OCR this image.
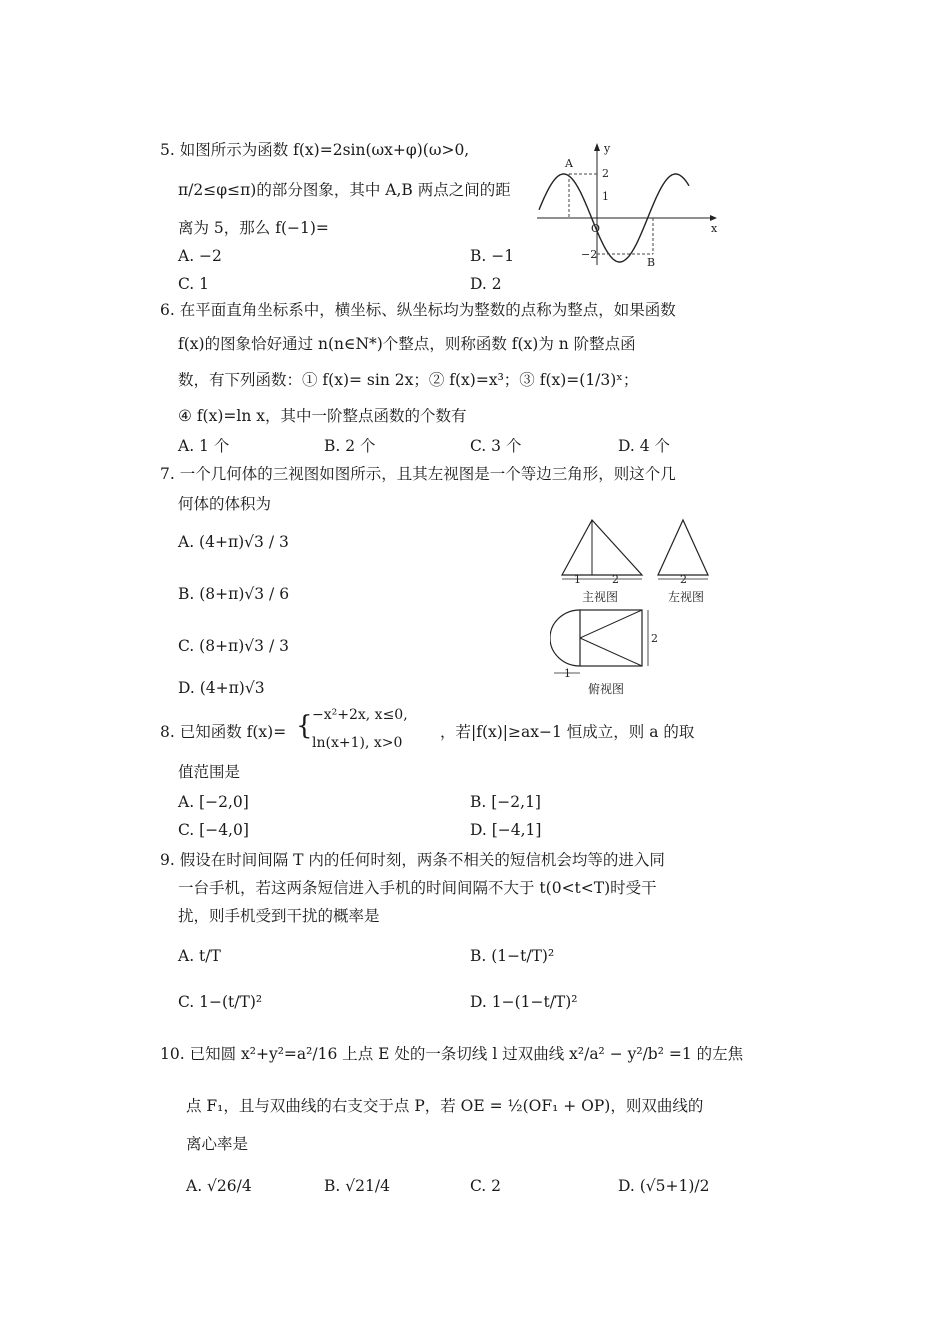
5. 如图所示为函数 f(x)=2sin(ωx+φ)(ω>0,
π/2≤φ≤π)的部分图象，其中 A,B 两点之间的距
离为 5，那么 f(−1)=
A. −2	B. −1
C. 1	D. 2
A
B
2
1
−2
O
y
x
6. 在平面直角坐标系中，横坐标、纵坐标均为整数的点称为整点，如果函数
f(x)的图象恰好通过 n(n∈N*)个整点，则称函数 f(x)为 n 阶整点函
数，有下列函数：① f(x)= sin 2x；② f(x)=x³；③ f(x)=(1/3)ˣ；
④ f(x)=ln x，其中一阶整点函数的个数有
A. 1 个	B. 2 个	C. 3 个	D. 4 个
7. 一个几何体的三视图如图所示，且其左视图是一个等边三角形，则这个几
何体的体积为
A. (4+π)√3 / 3
B. (8+π)√3 / 6
C. (8+π)√3 / 3
D. (4+π)√3
1	2
主视图
2
左视图
2
1
俯视图
8. 已知函数 f(x)= { −x²+2x, x≤0,
ln(x+1), x>0
，若|f(x)|≥ax−1 恒成立，则 a 的取
值范围是
A. [−2,0]	B. [−2,1]
C. [−4,0]	D. [−4,1]
9. 假设在时间间隔 T 内的任何时刻，两条不相关的短信机会均等的进入同
一台手机，若这两条短信进入手机的时间间隔不大于 t(0<t<T)时受干
扰，则手机受到干扰的概率是
A. t/T	B. (1−t/T)²
C. 1−(t/T)²	D. 1−(1−t/T)²
10. 已知圆 x²+y²=a²/16 上点 E 处的一条切线 l 过双曲线 x²/a² − y²/b² =1 的左焦
点 F₁，且与双曲线的右支交于点 P，若 OE = ½(OF₁ + OP)，则双曲线的
离心率是
A. √26/4	B. √21/4	C. 2	D. (√5+1)/2
